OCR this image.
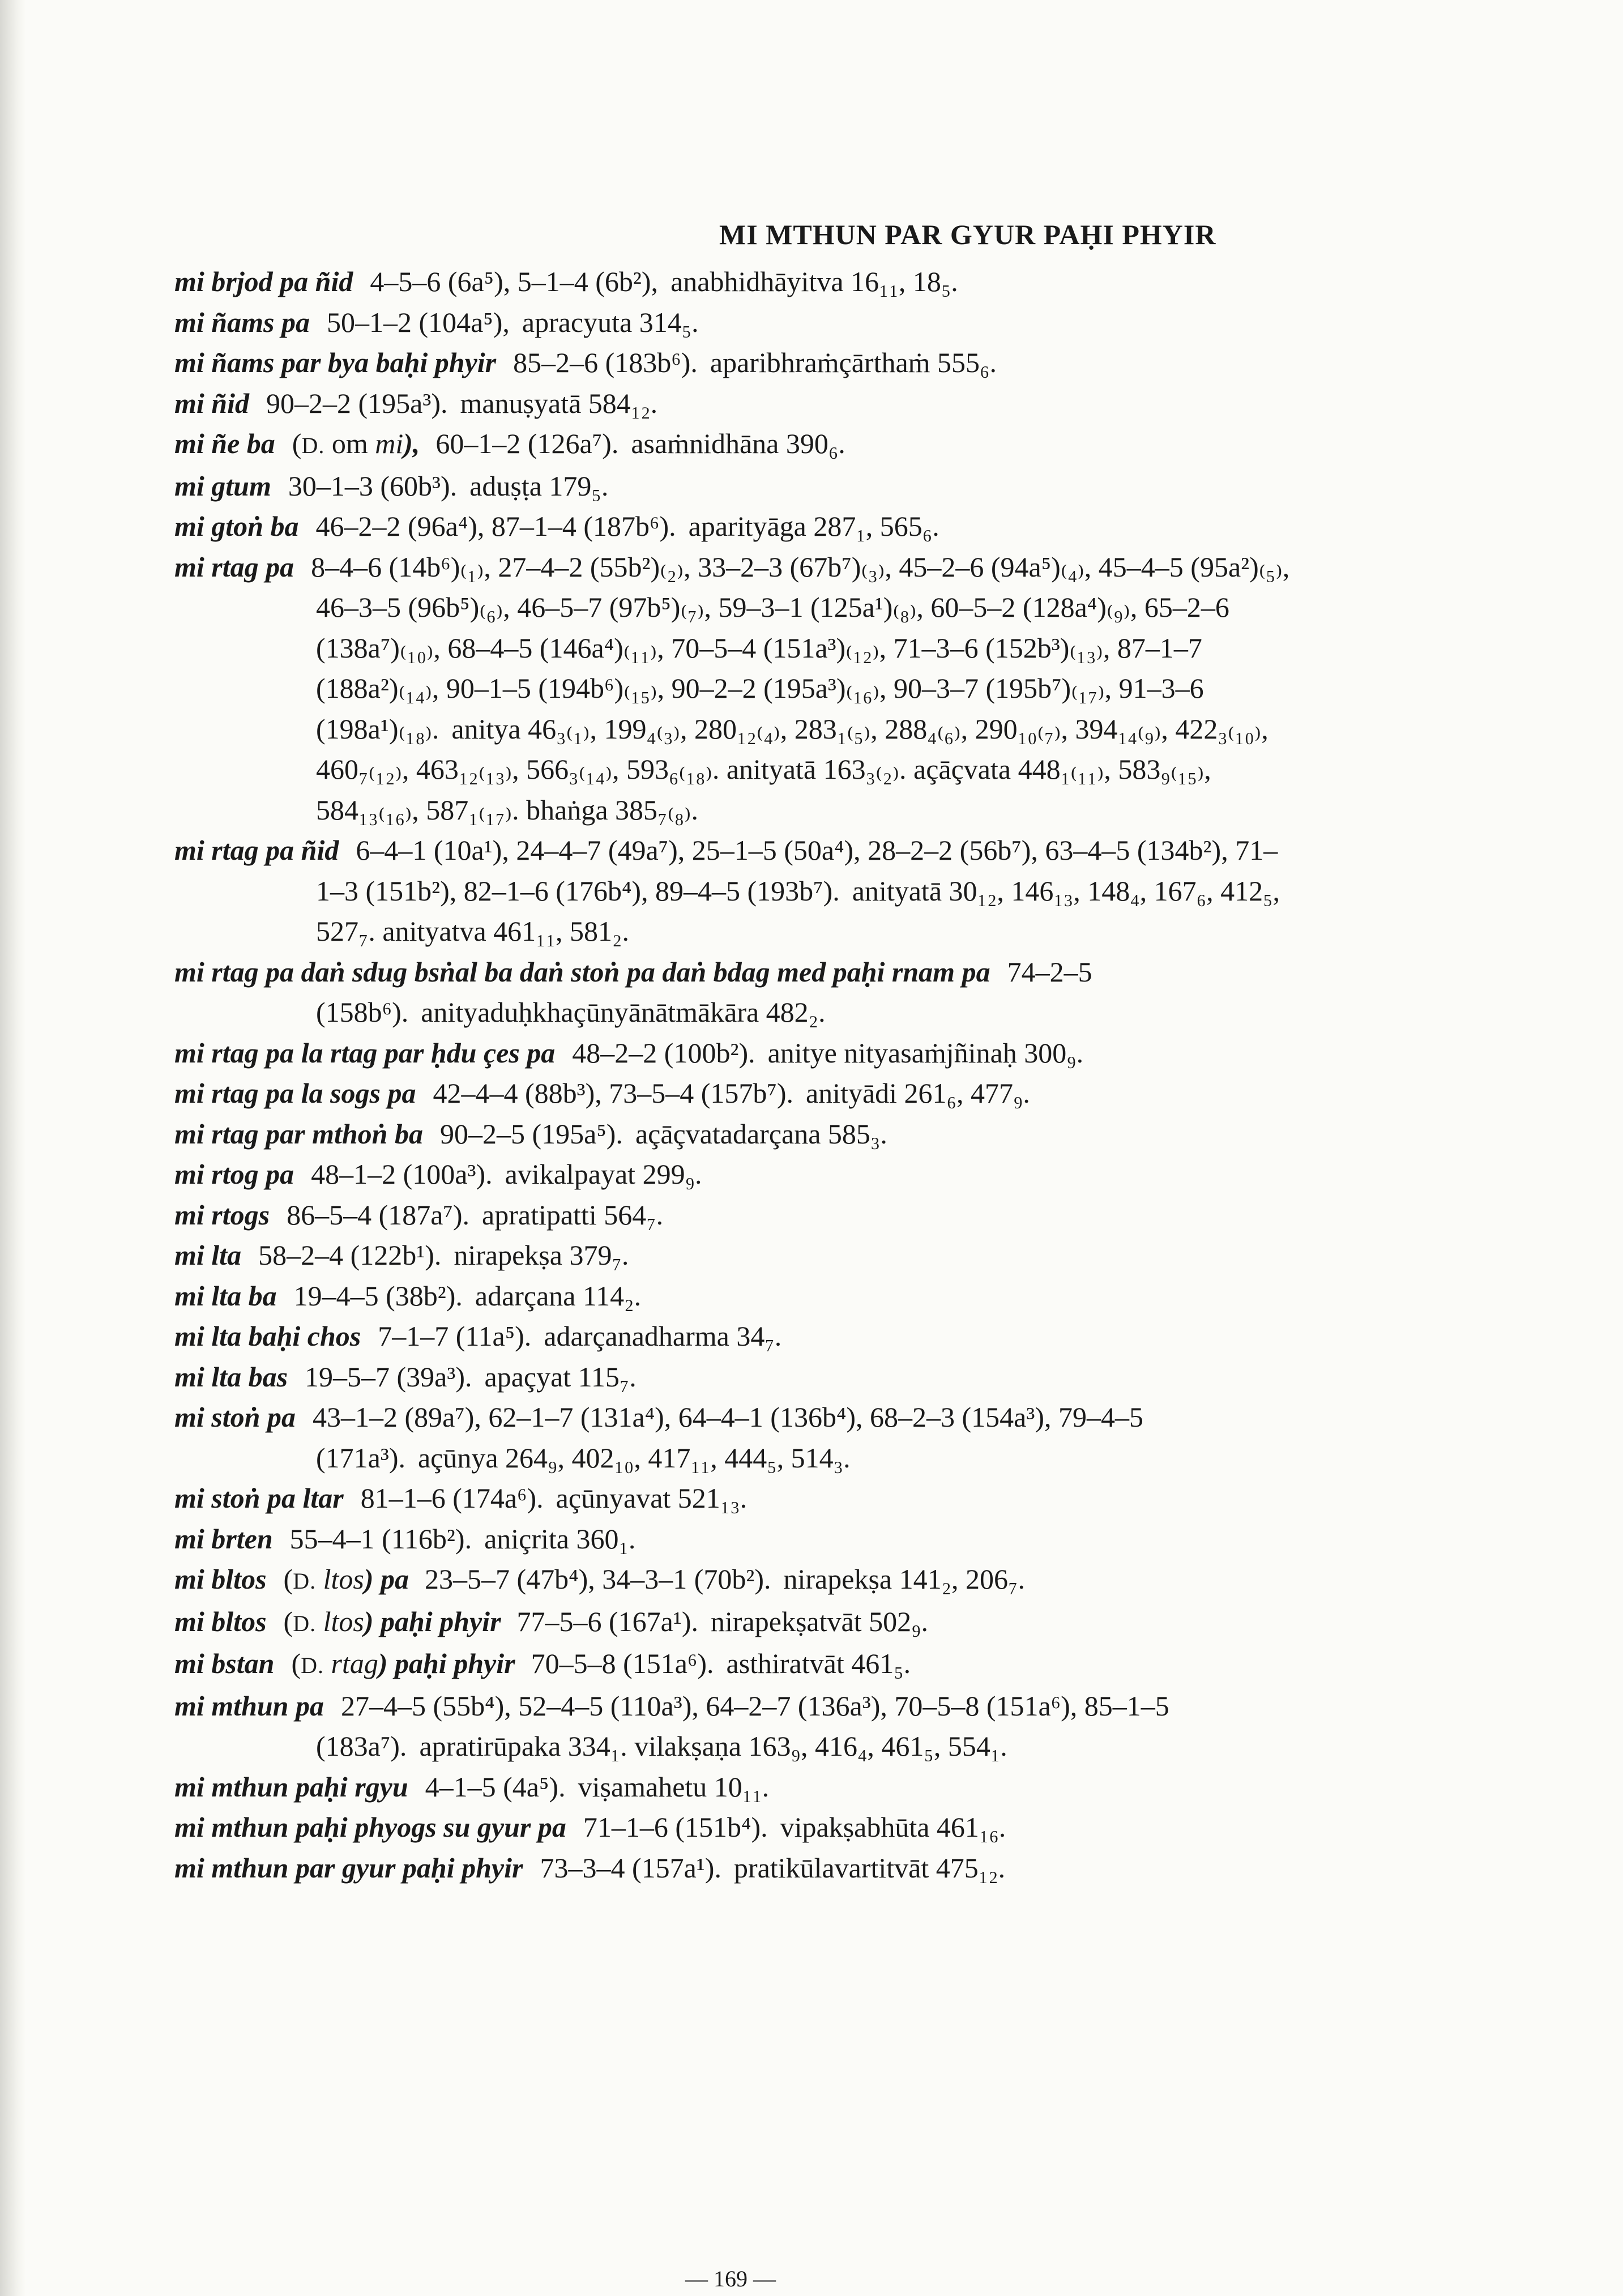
MI MTHUN PAR GYUR PAḤI PHYIR
mi brjod pa ñid 4–5–6 (6a⁵), 5–1–4 (6b²), anabhidhāyitva 16₁₁, 18₅.
mi ñams pa 50–1–2 (104a⁵), apracyuta 314₅.
mi ñams par bya baḥi phyir 85–2–6 (183b⁶). aparibhraṁçārthaṁ 555₆.
mi ñid 90–2–2 (195a³). manuṣyatā 584₁₂.
mi ñe ba (D. om mi), 60–1–2 (126a⁷). asaṁnidhāna 390₆.
mi gtum 30–1–3 (60b³). aduṣṭa 179₅.
mi gtoṅ ba 46–2–2 (96a⁴), 87–1–4 (187b⁶). aparityāga 287₁, 565₆.
mi rtag pa 8–4–6 (14b⁶)₍₁₎, 27–4–2 (55b²)₍₂₎, 33–2–3 (67b⁷)₍₃₎, 45–2–6 (94a⁵)₍₄₎, 45–4–5 (95a²)₍₅₎, 46–3–5 (96b⁵)₍₆₎, 46–5–7 (97b⁵)₍₇₎, 59–3–1 (125a¹)₍₈₎, 60–5–2 (128a⁴)₍₉₎, 65–2–6 (138a⁷)₍₁₀₎, 68–4–5 (146a⁴)₍₁₁₎, 70–5–4 (151a³)₍₁₂₎, 71–3–6 (152b³)₍₁₃₎, 87–1–7 (188a²)₍₁₄₎, 90–1–5 (194b⁶)₍₁₅₎, 90–2–2 (195a³)₍₁₆₎, 90–3–7 (195b⁷)₍₁₇₎, 91–3–6 (198a¹)₍₁₈₎. anitya 46₃₍₁₎, 199₄₍₃₎, 280₁₂₍₄₎, 283₁₍₅₎, 288₄₍₆₎, 290₁₀₍₇₎, 394₁₄₍₉₎, 422₃₍₁₀₎, 460₇₍₁₂₎, 463₁₂₍₁₃₎, 566₃₍₁₄₎, 593₆₍₁₈₎. anityatā 163₃₍₂₎. açāçvata 448₁₍₁₁₎, 583₉₍₁₅₎, 584₁₃₍₁₆₎, 587₁₍₁₇₎. bhaṅga 385₇₍₈₎.
mi rtag pa ñid 6–4–1 (10a¹), 24–4–7 (49a⁷), 25–1–5 (50a⁴), 28–2–2 (56b⁷), 63–4–5 (134b²), 71–1–3 (151b²), 82–1–6 (176b⁴), 89–4–5 (193b⁷). anityatā 30₁₂, 146₁₃, 148₄, 167₆, 412₅, 527₇. anityatva 461₁₁, 581₂.
mi rtag pa daṅ sdug bsṅal ba daṅ stoṅ pa daṅ bdag med paḥi rnam pa 74–2–5 (158b⁶). anityaduḥkhaçūnyānātmākāra 482₂.
mi rtag pa la rtag par ḥdu çes pa 48–2–2 (100b²). anitye nityasaṁjñinaḥ 300₉.
mi rtag pa la sogs pa 42–4–4 (88b³), 73–5–4 (157b⁷). anityādi 261₆, 477₉.
mi rtag par mthoṅ ba 90–2–5 (195a⁵). açāçvatadarçana 585₃.
mi rtog pa 48–1–2 (100a³). avikalpayat 299₉.
mi rtogs 86–5–4 (187a⁷). apratipatti 564₇.
mi lta 58–2–4 (122b¹). nirapekṣa 379₇.
mi lta ba 19–4–5 (38b²). adarçana 114₂.
mi lta baḥi chos 7–1–7 (11a⁵). adarçanadharma 34₇.
mi lta bas 19–5–7 (39a³). apaçyat 115₇.
mi stoṅ pa 43–1–2 (89a⁷), 62–1–7 (131a⁴), 64–4–1 (136b⁴), 68–2–3 (154a³), 79–4–5 (171a³). açūnya 264₉, 402₁₀, 417₁₁, 444₅, 514₃.
mi stoṅ pa ltar 81–1–6 (174a⁶). açūnyavat 521₁₃.
mi brten 55–4–1 (116b²). aniçrita 360₁.
mi bltos (D. ltos) pa 23–5–7 (47b⁴), 34–3–1 (70b²). nirapekṣa 141₂, 206₇.
mi bltos (D. ltos) paḥi phyir 77–5–6 (167a¹). nirapekṣatvāt 502₉.
mi bstan (D. rtag) paḥi phyir 70–5–8 (151a⁶). asthiratvāt 461₅.
mi mthun pa 27–4–5 (55b⁴), 52–4–5 (110a³), 64–2–7 (136a³), 70–5–8 (151a⁶), 85–1–5 (183a⁷). apratirūpaka 334₁. vilakṣaṇa 163₉, 416₄, 461₅, 554₁.
mi mthun paḥi rgyu 4–1–5 (4a⁵). viṣamahetu 10₁₁.
mi mthun paḥi phyogs su gyur pa 71–1–6 (151b⁴). vipakṣabhūta 461₁₆.
mi mthun par gyur paḥi phyir 73–3–4 (157a¹). pratikūlavartitvāt 475₁₂.
— 169 —
